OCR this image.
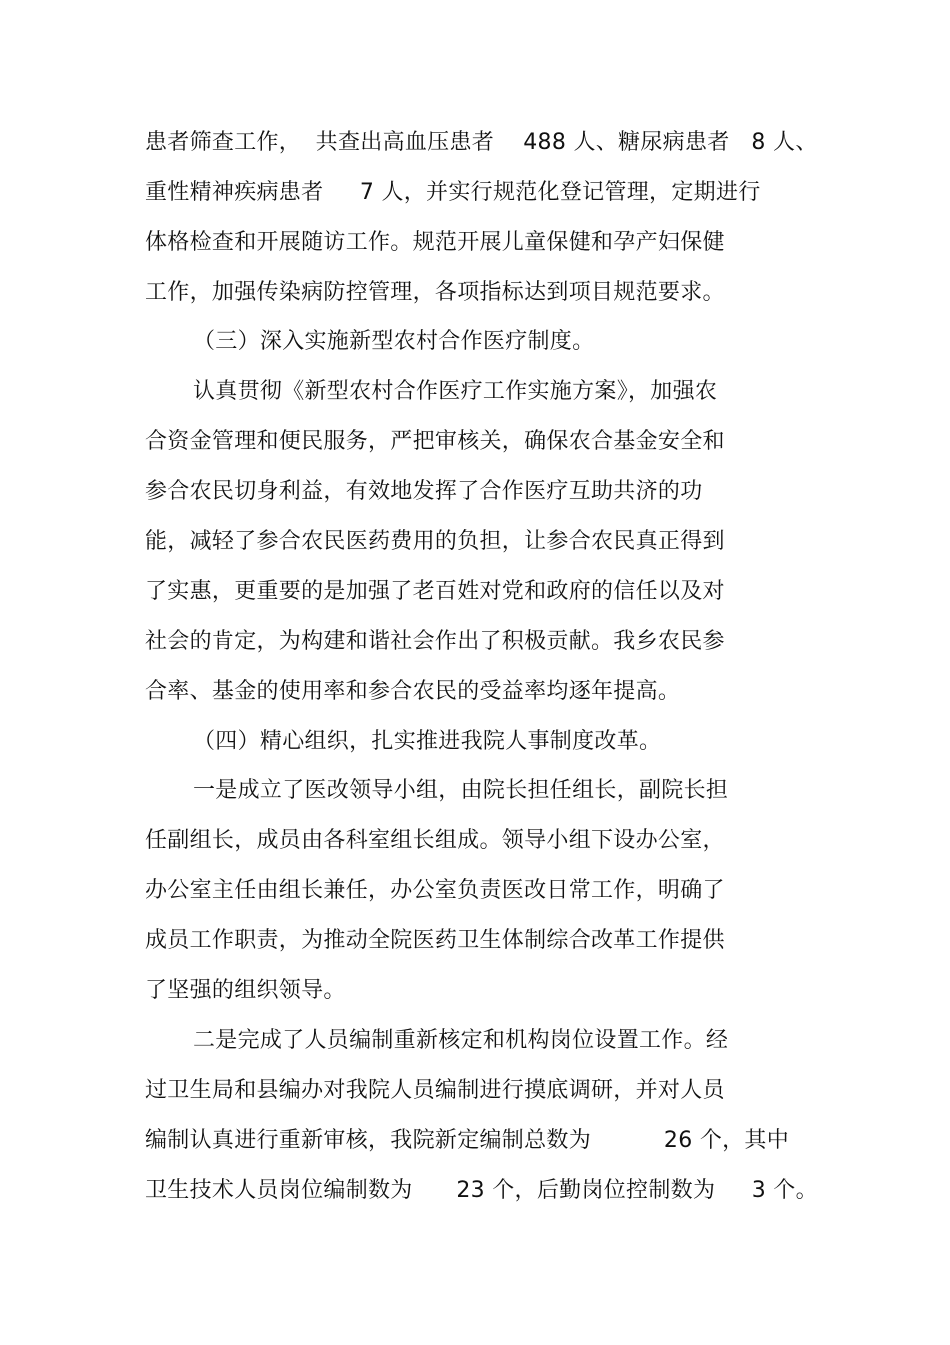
患者筛查工作，  共查出高血压患者    488 人、糖尿病患者   8 人、

重性精神疾病患者     7 人，并实行规范化登记管理，定期进行

体格检查和开展随访工作。规范开展儿童保健和孕产妇保健

工作，加强传染病防控管理，各项指标达到项目规范要求。

（三）深入实施新型农村合作医疗制度。

认真贯彻《新型农村合作医疗工作实施方案》，加强农

合资金管理和便民服务，严把审核关，确保农合基金安全和

参合农民切身利益，有效地发挥了合作医疗互助共济的功

能，减轻了参合农民医药费用的负担，让参合农民真正得到

了实惠，更重要的是加强了老百姓对党和政府的信任以及对

社会的肯定，为构建和谐社会作出了积极贡献。我乡农民参

合率、基金的使用率和参合农民的受益率均逐年提高。

（四）精心组织，扎实推进我院人事制度改革。

一是成立了医改领导小组，由院长担任组长，副院长担

任副组长，成员由各科室组长组成。领导小组下设办公室，

办公室主任由组长兼任，办公室负责医改日常工作，明确了

成员工作职责，为推动全院医药卫生体制综合改革工作提供

了坚强的组织领导。

二是完成了人员编制重新核定和机构岗位设置工作。经

过卫生局和县编办对我院人员编制进行摸底调研，并对人员

编制认真进行重新审核，我院新定编制总数为          26 个，其中

卫生技术人员岗位编制数为      23 个，后勤岗位控制数为     3 个。
